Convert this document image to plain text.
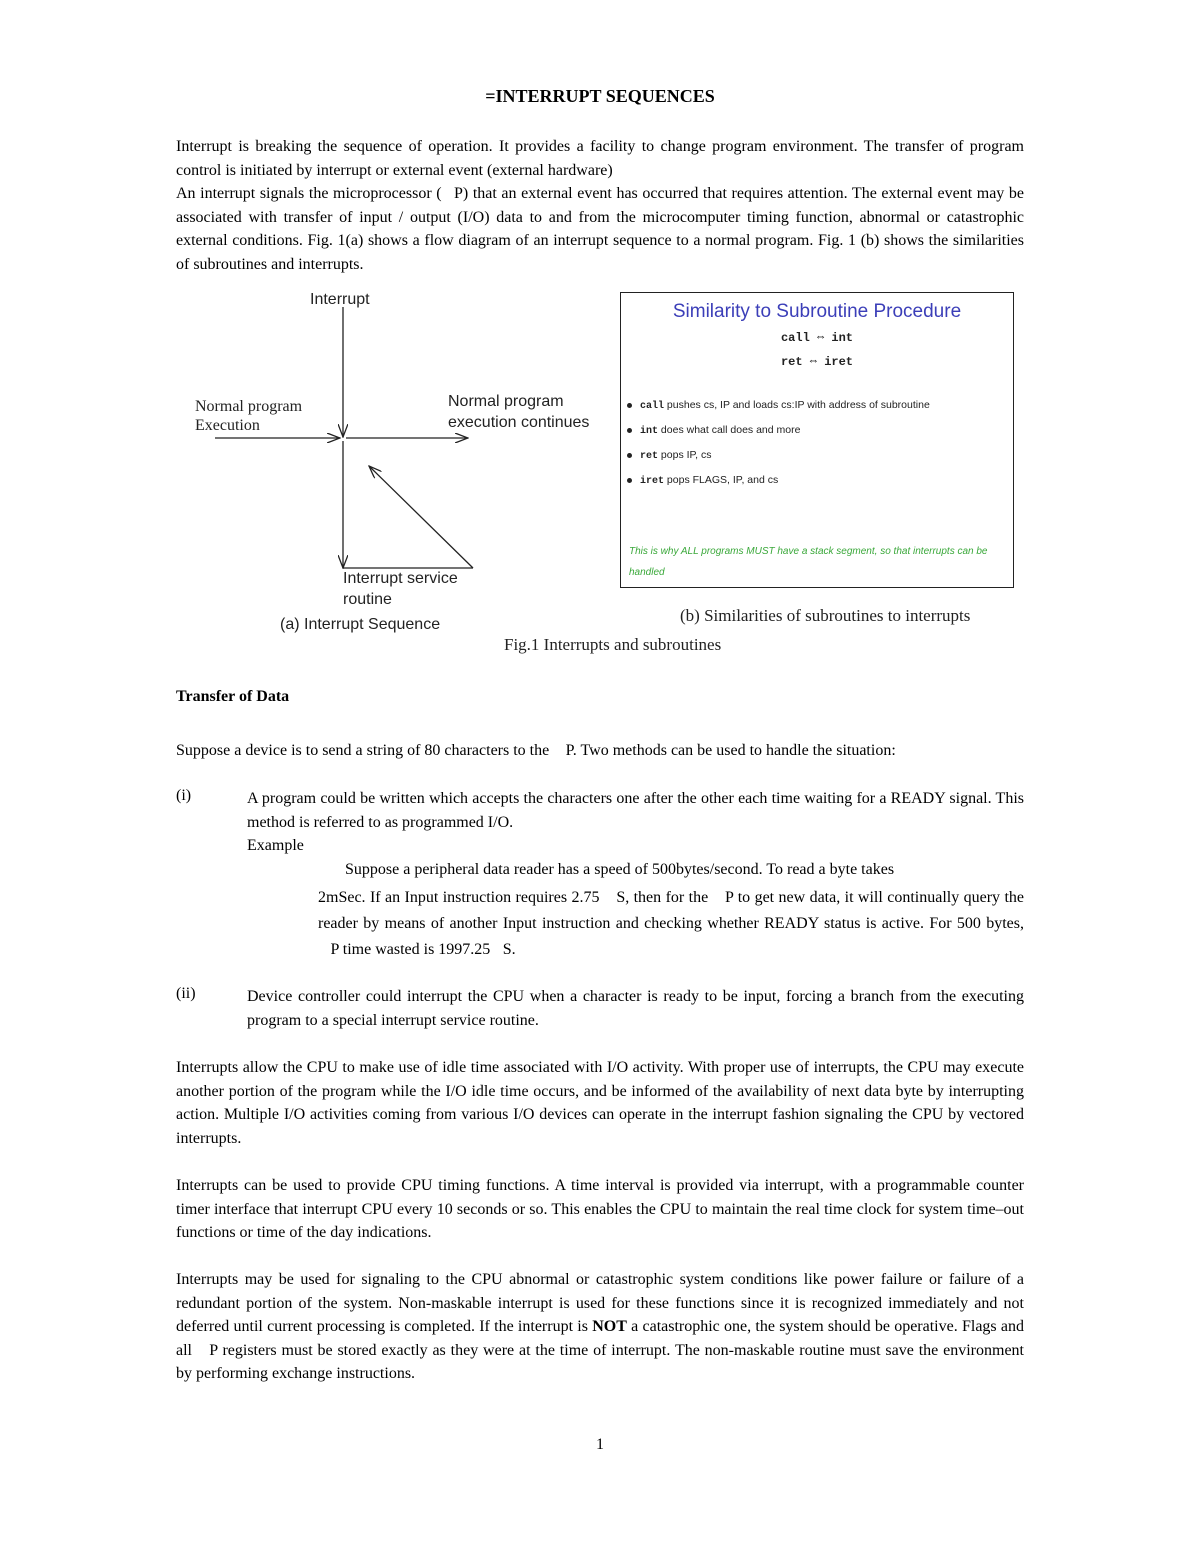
=INTERRUPT SEQUENCES

Interrupt is breaking the sequence of operation. It provides a facility to change program environment. The transfer of program control is initiated by interrupt or external event (external hardware)

An interrupt signals the microprocessor ( P) that an external event has occurred that requires attention. The external event may be associated with transfer of input / output (I/O) data to and from the microcomputer timing function, abnormal or catastrophic external conditions. Fig. 1(a) shows a flow diagram of an interrupt sequence to a normal program. Fig. 1 (b) shows the similarities of subroutines and interrupts.

Interrupt
Normal program
Execution
Normal program
execution continues
Interrupt service
routine
(a) Interrupt Sequence
Similarity to Subroutine Procedure
call ⇔ int
ret ⇔ iret
call pushes cs, IP and loads cs:IP with address of subroutine
int does what call does and more
ret pops IP, cs
iret pops FLAGS, IP, and cs
This is why ALL programs MUST have a stack segment, so that interrupts can be handled
(b) Similarities of subroutines to interrupts
Fig.1 Interrupts and subroutines
Transfer of Data
Suppose a device is to send a string of 80 characters to the P. Two methods can be used to handle the situation:
(i)	A program could be written which accepts the characters one after the other each time waiting for a READY signal. This method is referred to as programmed I/O.
Example
Suppose a peripheral data reader has a speed of 500bytes/second. To read a byte takes
2mSec. If an Input instruction requires 2.75 S, then for the P to get new data, it will continually query the reader by means of another Input instruction and checking whether READY status is active. For 500 bytes, P time wasted is 1997.25 S.
(ii)	Device controller could interrupt the CPU when a character is ready to be input, forcing a branch from the executing program to a special interrupt service routine.
Interrupts allow the CPU to make use of idle time associated with I/O activity. With proper use of interrupts, the CPU may execute another portion of the program while the I/O idle time occurs, and be informed of the availability of next data byte by interrupting action. Multiple I/O activities coming from various I/O devices can operate in the interrupt fashion signaling the CPU by vectored interrupts.
Interrupts can be used to provide CPU timing functions. A time interval is provided via interrupt, with a programmable counter timer interface that interrupt CPU every 10 seconds or so. This enables the CPU to maintain the real time clock for system time–out functions or time of the day indications.
Interrupts may be used for signaling to the CPU abnormal or catastrophic system conditions like power failure or failure of a redundant portion of the system. Non-maskable interrupt is used for these functions since it is recognized immediately and not deferred until current processing is completed. If the interrupt is NOT a catastrophic one, the system should be operative. Flags and all P registers must be stored exactly as they were at the time of interrupt. The non-maskable routine must save the environment by performing exchange instructions.
1
